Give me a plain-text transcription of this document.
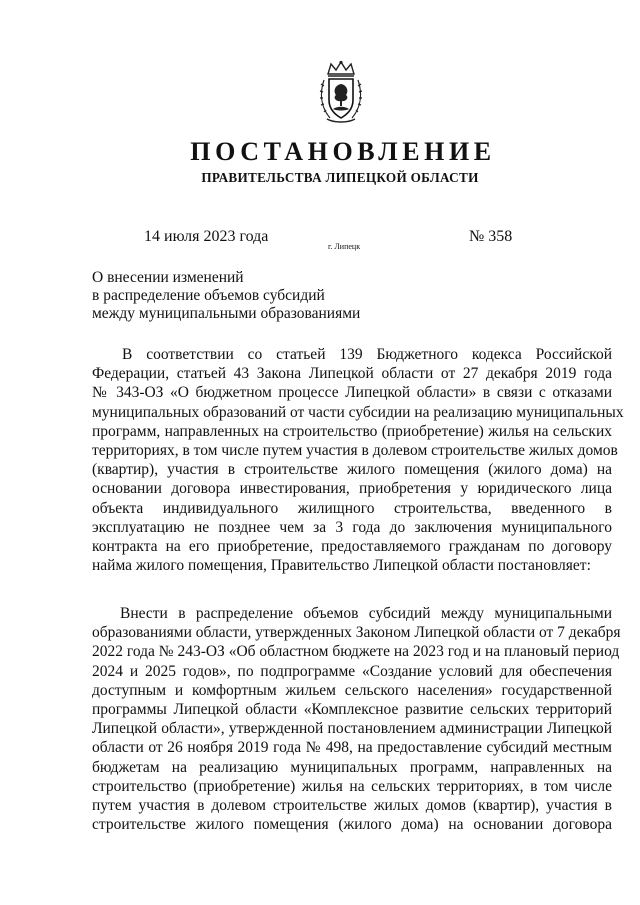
ПОСТАНОВЛЕНИЕ
ПРАВИТЕЛЬСТВА ЛИПЕЦКОЙ ОБЛАСТИ
14 июля 2023 года
г. Липецк
№ 358
О внесении изменений
в распределение объемов субсидий
между муниципальными образованиями
В соответствии со статьей 139 Бюджетного кодекса Российской
Федерации, статьей 43 Закона Липецкой области от 27 декабря 2019 года
№ 343-ОЗ «О бюджетном процессе Липецкой области» в связи с отказами
муниципальных образований от части субсидии на реализацию муниципальных
программ, направленных на строительство (приобретение) жилья на сельских
территориях, в том числе путем участия в долевом строительстве жилых домов
(квартир), участия в строительстве жилого помещения (жилого дома) на
основании договора инвестирования, приобретения у юридического лица
объекта индивидуального жилищного строительства, введенного в
эксплуатацию не позднее чем за 3 года до заключения муниципального
контракта на его приобретение, предоставляемого гражданам по договору
найма жилого помещения, Правительство Липецкой области постановляет:
Внести в распределение объемов субсидий между муниципальными
образованиями области, утвержденных Законом Липецкой области от 7 декабря
2022 года № 243-ОЗ «Об областном бюджете на 2023 год и на плановый период
2024 и 2025 годов», по подпрограмме «Создание условий для обеспечения
доступным и комфортным жильем сельского населения» государственной
программы Липецкой области «Комплексное развитие сельских территорий
Липецкой области», утвержденной постановлением администрации Липецкой
области от 26 ноября 2019 года № 498, на предоставление субсидий местным
бюджетам на реализацию муниципальных программ, направленных на
строительство (приобретение) жилья на сельских территориях, в том числе
путем участия в долевом строительстве жилых домов (квартир), участия в
строительстве жилого помещения (жилого дома) на основании договора
